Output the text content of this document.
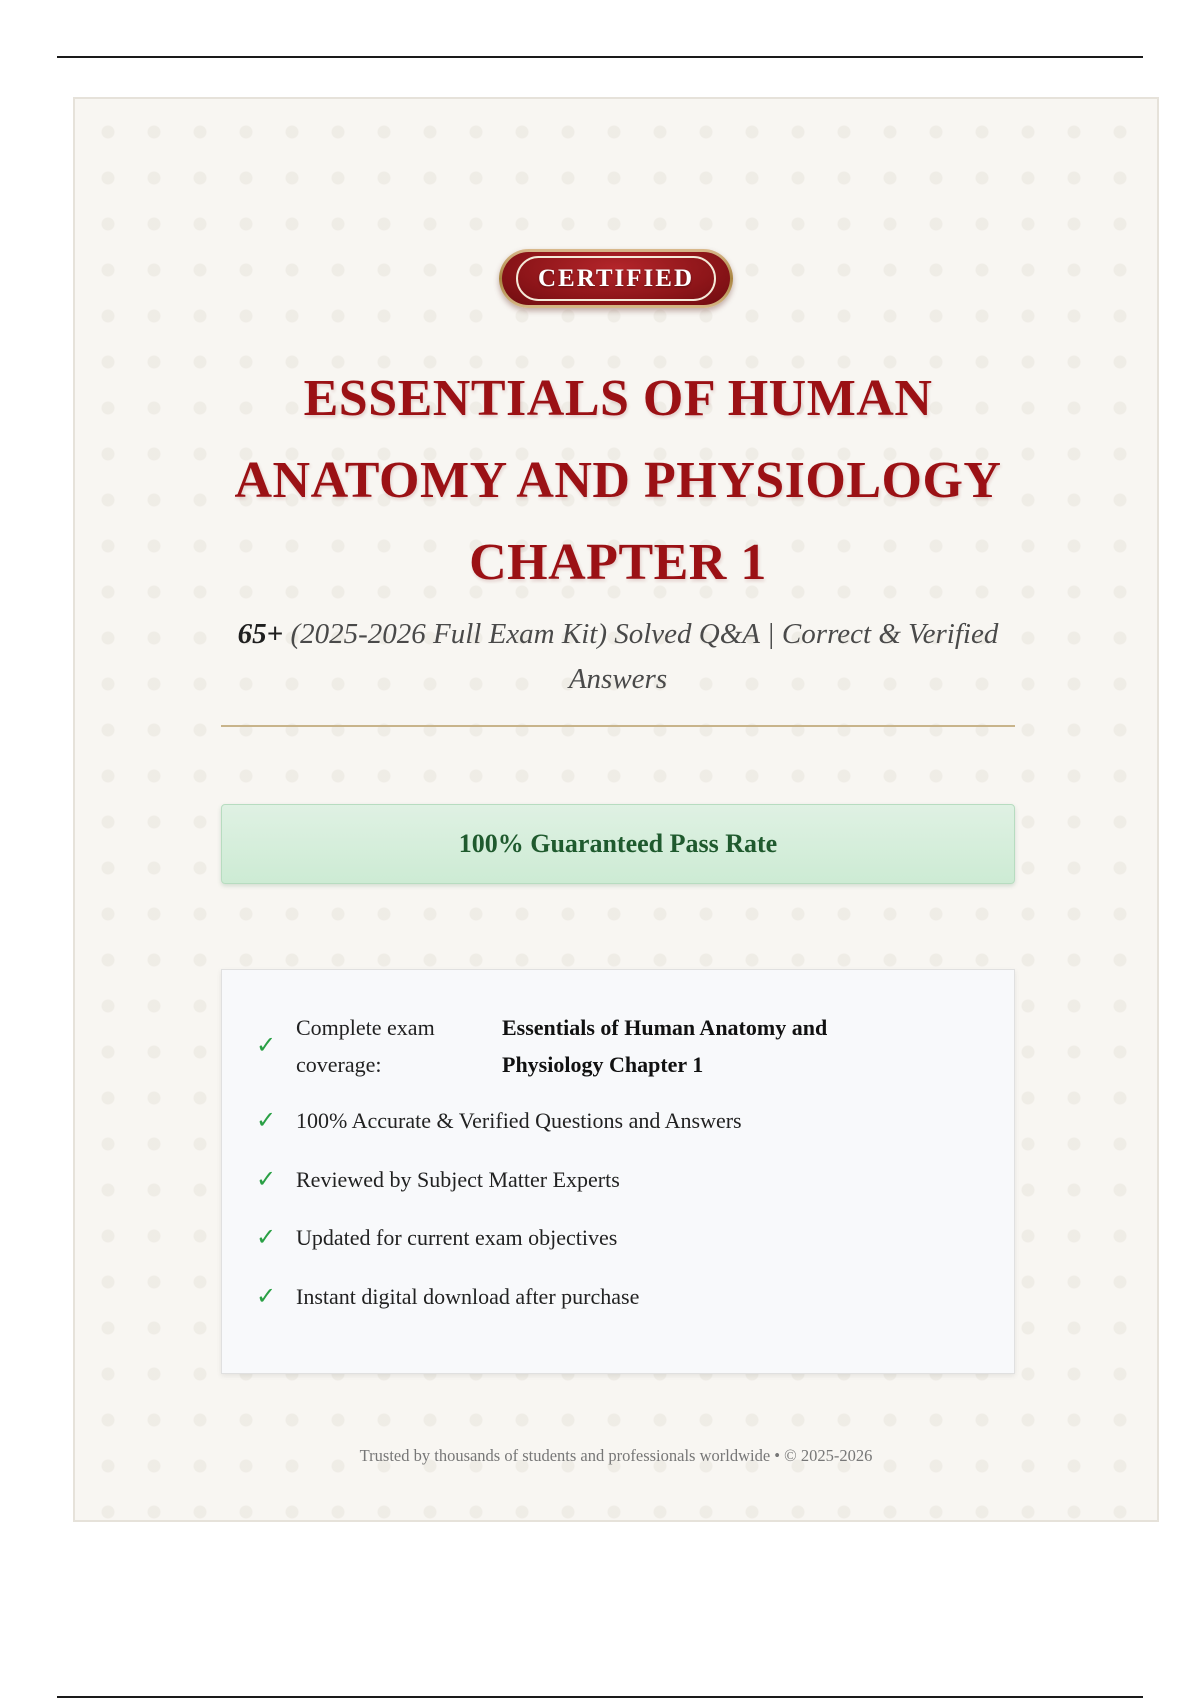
CERTIFIED
ESSENTIALS OF HUMAN ANATOMY AND PHYSIOLOGY CHAPTER 1
65+ (2025-2026 Full Exam Kit) Solved Q&A | Correct & Verified Answers
100% Guaranteed Pass Rate
✓
Complete exam coverage:
Essentials of Human Anatomy and Physiology Chapter 1
✓ 100% Accurate & Verified Questions and Answers
✓ Reviewed by Subject Matter Experts
✓ Updated for current exam objectives
✓ Instant digital download after purchase
Trusted by thousands of students and professionals worldwide • © 2025-2026
